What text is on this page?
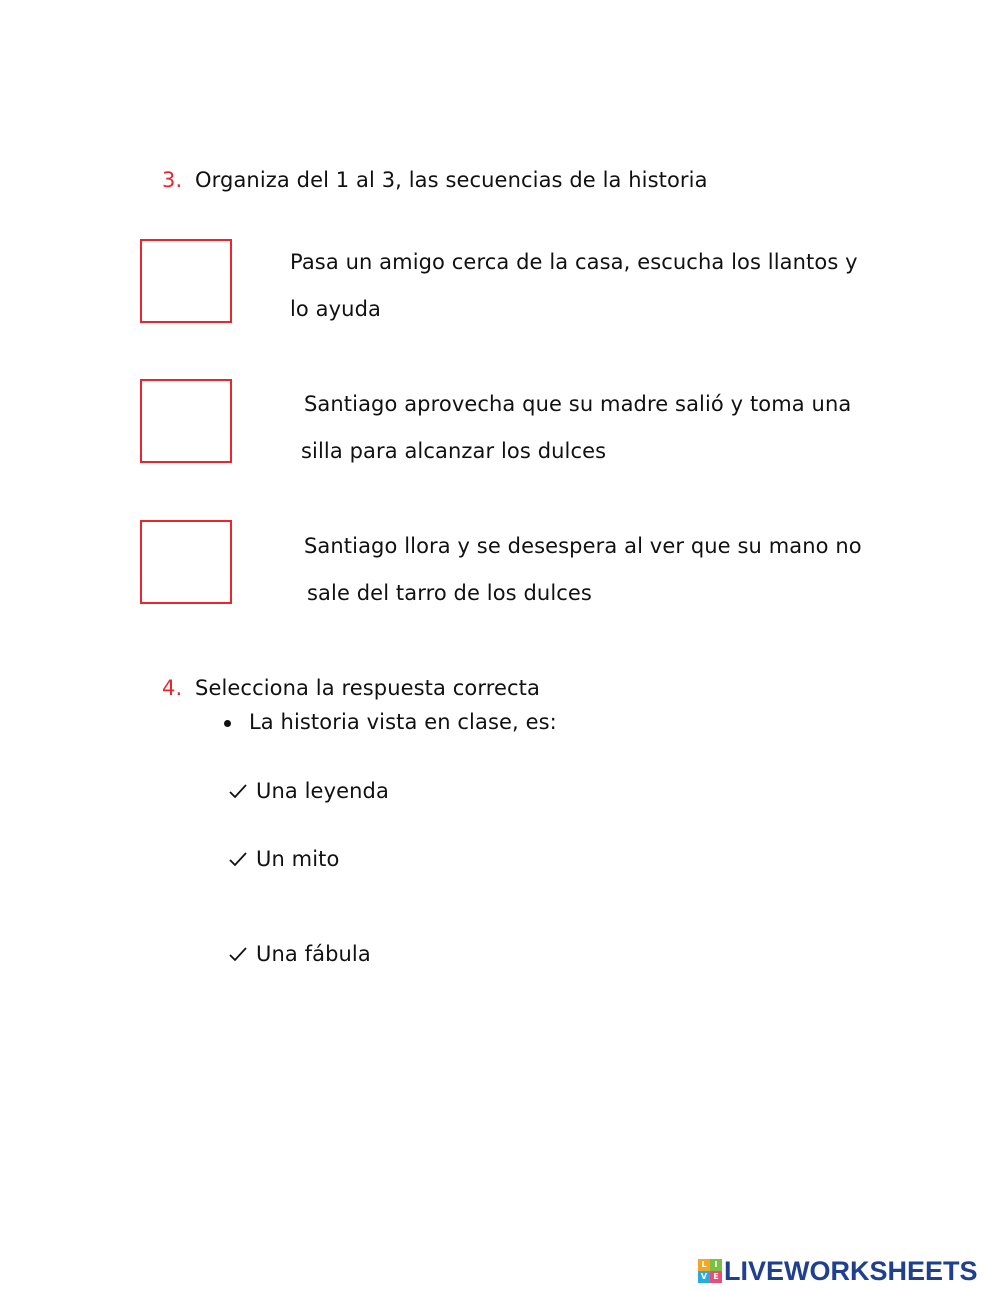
3. Organiza del 1 al 3, las secuencias de la historia
Pasa un amigo cerca de la casa, escucha los llantos y
lo ayuda
Santiago aprovecha que su madre salió y toma una
silla para alcanzar los dulces
Santiago llora y se desespera al ver que su mano no
sale del tarro de los dulces
4. Selecciona la respuesta correcta
La historia vista en clase, es:
Una leyenda
Un mito
Una fábula
L I
V E LIVEWORKSHEETS
